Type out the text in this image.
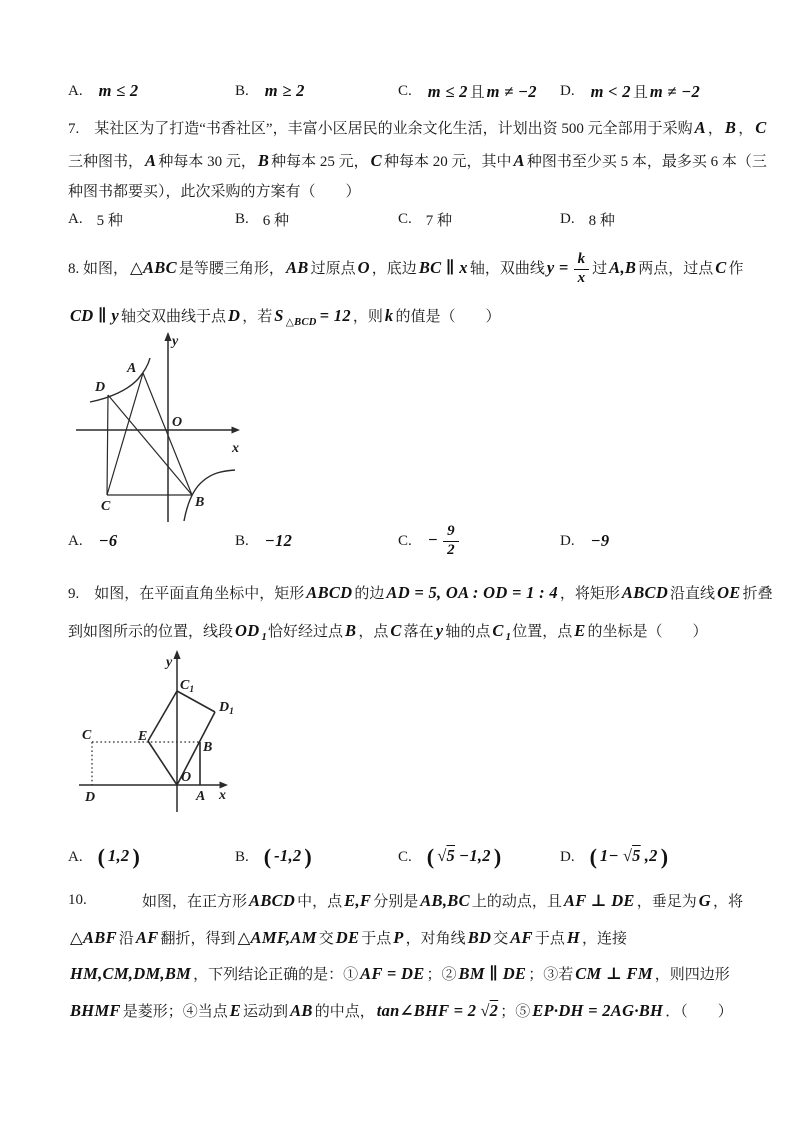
A. m ≤ 2	B. m ≥ 2	C. m ≤ 2 且 m ≠ −2 D. m < 2 且 m ≠ −2
7.　某社区为了打造“书香社区”，丰富小区居民的业余文化生活，计划出资 500 元全部用于采购 A ， B ， C
三种图书， A 种每本 30 元， B 种每本 25 元， C 种每本 20 元，其中 A 种图书至少买 5 本，最多买 6 本（三
种图书都要买），此次采购的方案有（　　）
A. 5 种	B. 6 种	C. 7 种	D. 8 种
8. 如图， △ABC 是等腰三角形， AB 过原点 O ，底边 BC ∥ x 轴，双曲线 $y = \frac{k}{x}$ 过 A,B 两点，过点 C 作
CD ∥ y 轴交双曲线于点 D ，若 S $_{\triangle BCD}$ = 12 ，则 k 的值是（　　）
y
x
A
D
O
C	B
A. −6	B. −12	C. − $\frac{9}{2}$	D. −9
9.　如图，在平面直角坐标中，矩形 ABCD 的边 AD = 5, OA : OD = 1 : 4 ，将矩形 ABCD 沿直线 OE 折叠
到如图所示的位置，线段 OD $_1$恰好经过点 B ，点 C 落在 y 轴的点 C $_1$位置，点 E 的坐标是（　　）
y
x
$C_1$
$D_1$
E
C
B
O
A
D
A. ( 1,2 )	B. ( -1,2 )	C. ( √5 −1,2 )	D. ( 1− √5 ,2 )
10.	如图，在正方形 ABCD 中，点 E,F 分别是 AB,BC 上的动点，且 AF ⊥ DE ，垂足为 G ，将
△ABF 沿 AF 翻折，得到 △AMF,AM 交 DE 于点 P ，对角线 BD 交 AF 于点 H ，连接
HM,CM,DM,BM ，下列结论正确的是：① AF = DE ；② BM ∥ DE ；③若 CM ⊥ FM ，则四边形
BHMF 是菱形；④当点 E 运动到 AB 的中点， tan∠BHF = 2 √2 ；⑤ EP·DH = 2AG·BH ．（　　）
